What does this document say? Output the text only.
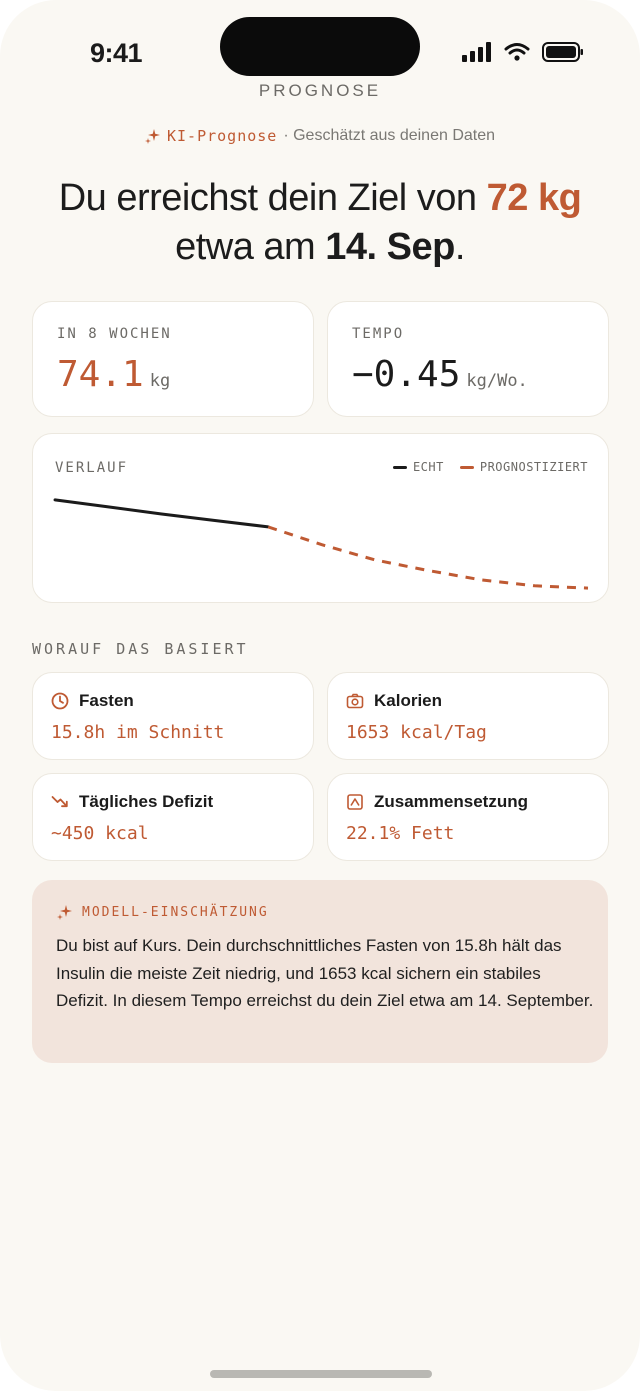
9:41
PROGNOSE
KI-Prognose · Geschätzt aus deinen Daten
Du erreichst dein Ziel von 72 kg
etwa am 14. Sep.
IN 8 WOCHEN
74.1 kg
TEMPO
−0.45 kg/Wo.
VERLAUF	ECHT	PROGNOSTIZIERT
WORAUF DAS BASIERT
Fasten
15.8h im Schnitt
Kalorien
1653 kcal/Tag
Tägliches Defizit
~450 kcal
Zusammensetzung
22.1% Fett
MODELL-EINSCHÄTZUNG
Du bist auf Kurs. Dein durchschnittliches Fasten von 15.8h hält das Insulin die meiste Zeit niedrig, und 1653 kcal sichern ein stabiles Defizit. In diesem Tempo erreichst du dein Ziel etwa am 14. September.
